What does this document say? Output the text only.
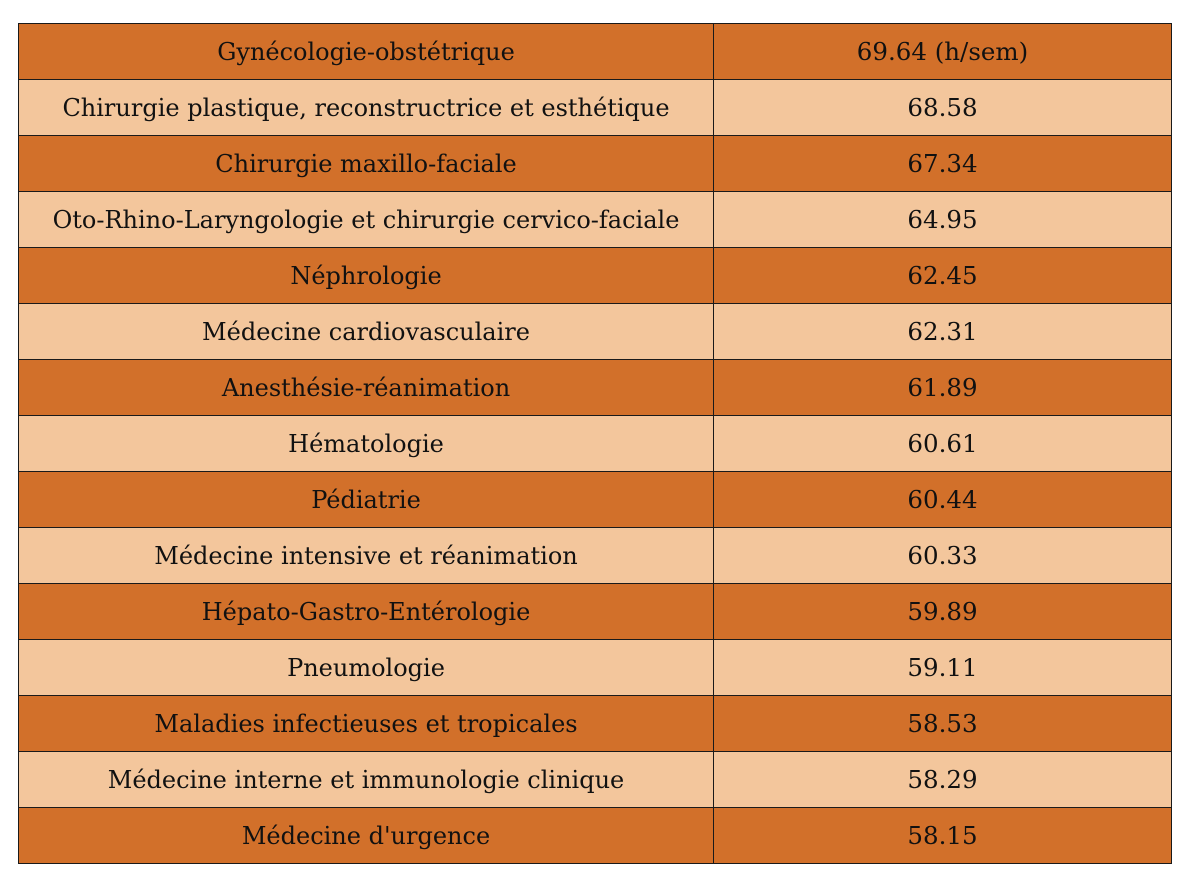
Gynécologie-obstétrique	69.64 (h/sem)
Chirurgie plastique, reconstructrice et esthétique	68.58
Chirurgie maxillo-faciale	67.34
Oto-Rhino-Laryngologie et chirurgie cervico-faciale	64.95
Néphrologie	62.45
Médecine cardiovasculaire	62.31
Anesthésie-réanimation	61.89
Hématologie	60.61
Pédiatrie	60.44
Médecine intensive et réanimation	60.33
Hépato-Gastro-Entérologie	59.89
Pneumologie	59.11
Maladies infectieuses et tropicales	58.53
Médecine interne et immunologie clinique	58.29
Médecine d'urgence	58.15
